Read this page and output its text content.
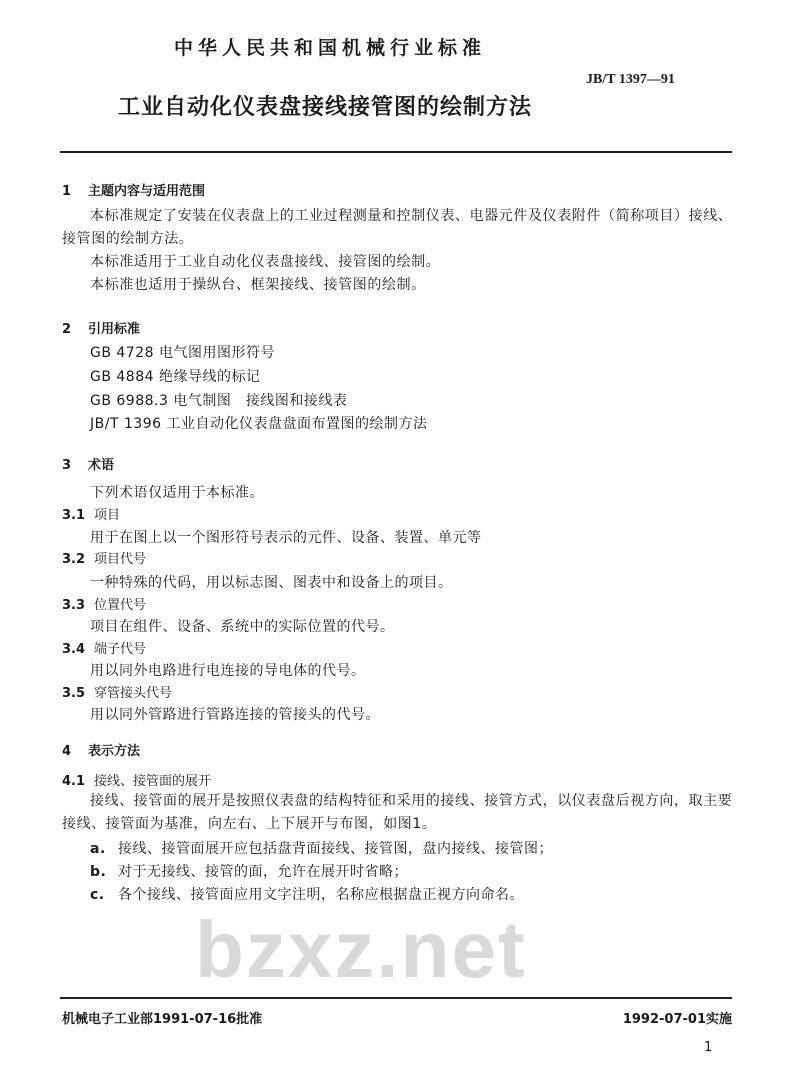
bzxz.net
中华人民共和国机械行业标准
JB/T 1397—91
工业自动化仪表盘接线接管图的绘制方法
1 主题内容与适用范围
本标准规定了安装在仪表盘上的工业过程测量和控制仪表、电器元件及仪表附件（简称项目）接线、接管图的绘制方法。
本标准适用于工业自动化仪表盘接线、接管图的绘制。
本标准也适用于操纵台、框架接线、接管图的绘制。
2 引用标准
GB 4728 电气图用图形符号
GB 4884 绝缘导线的标记
GB 6988.3 电气制图　接线图和接线表
JB/T 1396 工业自动化仪表盘盘面布置图的绘制方法
3 术语
下列术语仅适用于本标准。
3.1 项目
用于在图上以一个图形符号表示的元件、设备、装置、单元等
3.2 项目代号
一种特殊的代码，用以标志图、图表中和设备上的项目。
3.3 位置代号
项目在组件、设备、系统中的实际位置的代号。
3.4 端子代号
用以同外电路进行电连接的导电体的代号。
3.5 穿管接头代号
用以同外管路进行管路连接的管接头的代号。
4 表示方法
4.1 接线、接管面的展开
接线、接管面的展开是按照仪表盘的结构特征和采用的接线、接管方式，以仪表盘后视方向，取主要接线、接管面为基准，向左右、上下展开与布图，如图1。
a. 接线、接管面展开应包括盘背面接线、接管图，盘内接线、接管图；
b. 对于无接线、接管的面，允许在展开时省略；
c. 各个接线、接管面应用文字注明，名称应根据盘正视方向命名。
机械电子工业部1991-07-16批准	1992-07-01实施
1
